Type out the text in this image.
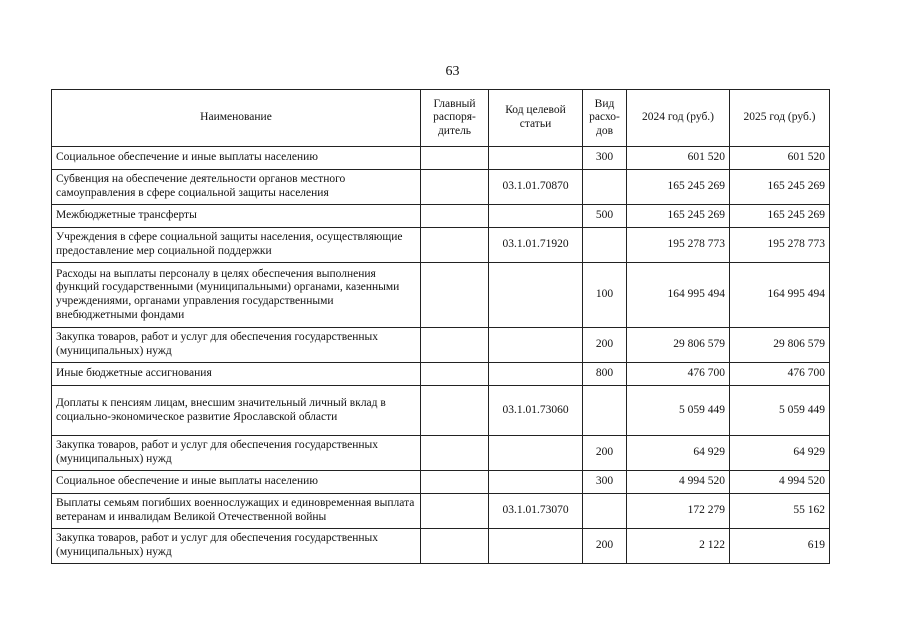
63
Наименование	Главный распоря-дитель	Код целевой статьи	Вид расхо-дов	2024 год (руб.)	2025 год (руб.)
Социальное обеспечение и иные выплаты населению			300	601 520	601 520
Субвенция на обеспечение деятельности органов местного самоуправления в сфере социальной защиты населения		03.1.01.70870		165 245 269	165 245 269
Межбюджетные трансферты			500	165 245 269	165 245 269
Учреждения в сфере социальной защиты населения, осуществляющие предоставление мер социальной поддержки		03.1.01.71920		195 278 773	195 278 773
Расходы на выплаты персоналу в целях обеспечения выполнения функций государственными (муниципальными) органами, казенными учреждениями, органами управления государственными внебюджетными фондами			100	164 995 494	164 995 494
Закупка товаров, работ и услуг для обеспечения государственных (муниципальных) нужд			200	29 806 579	29 806 579
Иные бюджетные ассигнования			800	476 700	476 700
Доплаты к пенсиям лицам, внесшим значительный личный вклад в социально-экономическое развитие Ярославской области		03.1.01.73060		5 059 449	5 059 449
Закупка товаров, работ и услуг для обеспечения государственных (муниципальных) нужд			200	64 929	64 929
Социальное обеспечение и иные выплаты населению			300	4 994 520	4 994 520
Выплаты семьям погибших военнослужащих и единовременная выплата ветеранам и инвалидам Великой Отечественной войны		03.1.01.73070		172 279	55 162
Закупка товаров, работ и услуг для обеспечения государственных (муниципальных) нужд			200	2 122	619
